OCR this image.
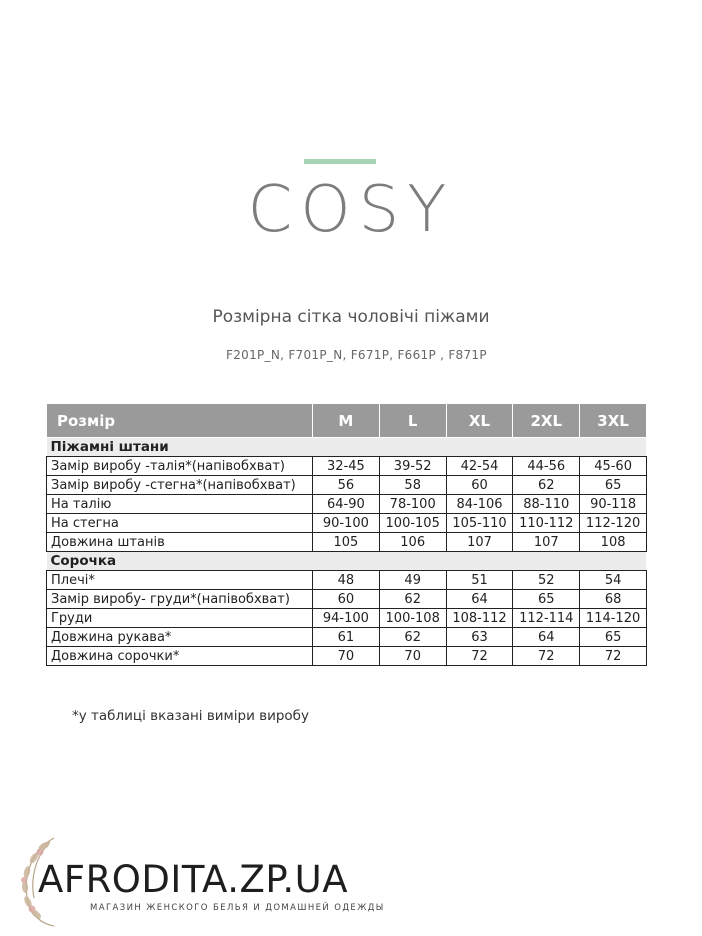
COSY
Розмірна сітка чоловічі піжами
F201P_N, F701P_N, F671P, F661P , F871P
Розмір	M	L	XL	2XL	3XL
Піжамні штани					
Замір виробу -талія*(напівобхват)	32-45	39-52	42-54	44-56	45-60
Замір виробу -стегна*(напівобхват)	56	58	60	62	65
На талію	64-90	78-100	84-106	88-110	90-118
На стегна	90-100	100-105	105-110	110-112	112-120
Довжина штанів	105	106	107	107	108
Сорочка					
Плечі*	48	49	51	52	54
Замір виробу- груди*(напівобхват)	60	62	64	65	68
Груди	94-100	100-108	108-112	112-114	114-120
Довжина рукава*	61	62	63	64	65
Довжина сорочки*	70	70	72	72	72
*у таблиці вказані виміри виробу
AFRODITA.ZP.UA
МАГАЗИН ЖЕНСКОГО БЕЛЬЯ И ДОМАШНЕЙ ОДЕЖДЫ
